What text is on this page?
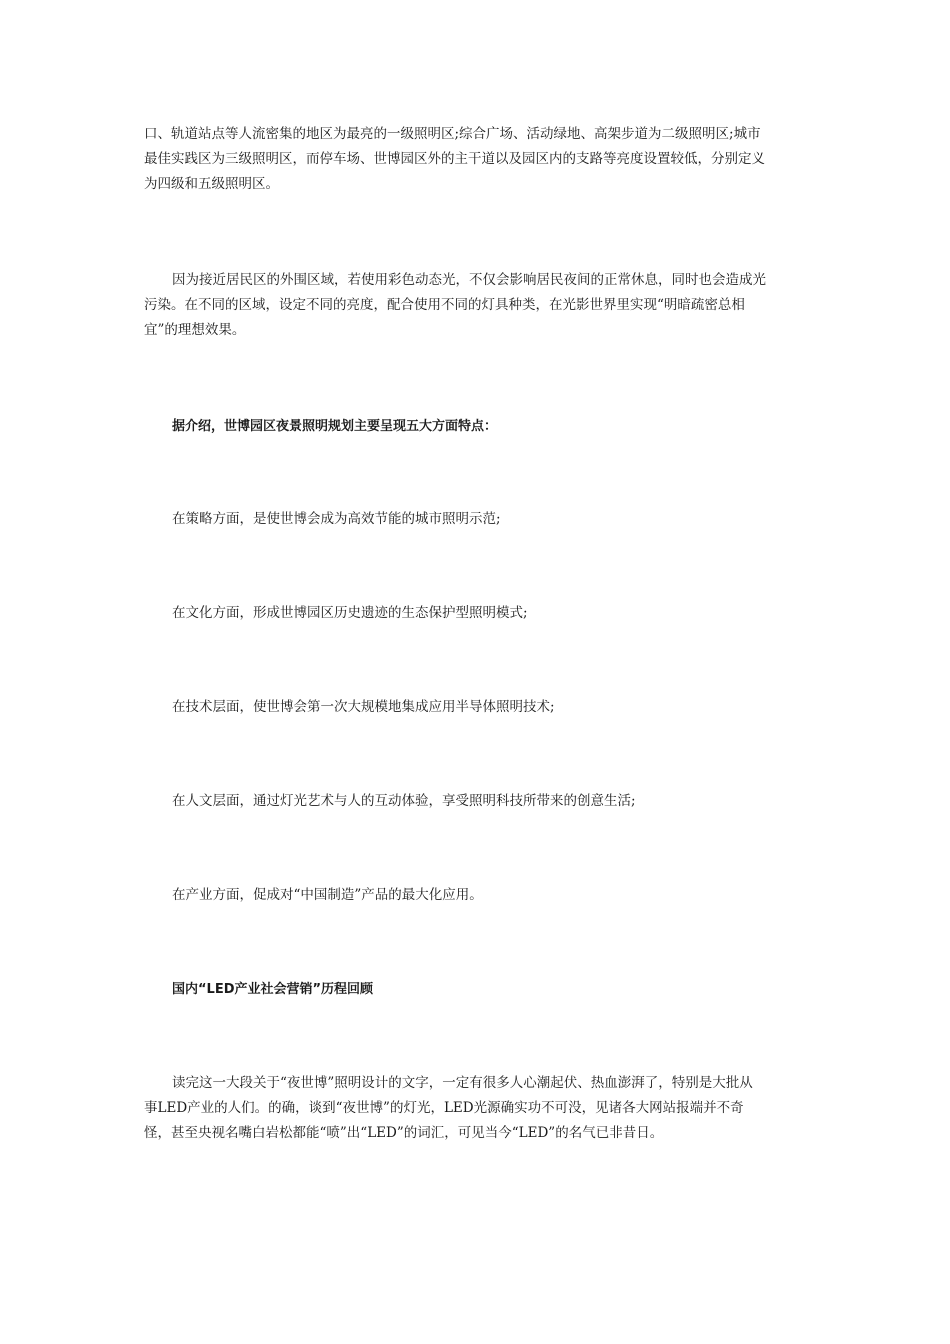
口、轨道站点等人流密集的地区为最亮的一级照明区;综合广场、活动绿地、高架步道为二级照明区;城市
最佳实践区为三级照明区，而停车场、世博园区外的主干道以及园区内的支路等亮度设置较低，分别定义
为四级和五级照明区。
因为接近居民区的外围区域，若使用彩色动态光，不仅会影响居民夜间的正常休息，同时也会造成光
污染。在不同的区域，设定不同的亮度，配合使用不同的灯具种类，在光影世界里实现“明暗疏密总相
宜”的理想效果。
据介绍，世博园区夜景照明规划主要呈现五大方面特点：
在策略方面，是使世博会成为高效节能的城市照明示范;
在文化方面，形成世博园区历史遗迹的生态保护型照明模式;
在技术层面，使世博会第一次大规模地集成应用半导体照明技术;
在人文层面，通过灯光艺术与人的互动体验，享受照明科技所带来的创意生活;
在产业方面，促成对“中国制造”产品的最大化应用。
国内“LED产业社会营销”历程回顾
读完这一大段关于“夜世博”照明设计的文字，一定有很多人心潮起伏、热血澎湃了，特别是大批从
事LED产业的人们。的确，谈到“夜世博”的灯光，LED光源确实功不可没，见诸各大网站报端并不奇
怪，甚至央视名嘴白岩松都能“喷”出“LED”的词汇，可见当今“LED”的名气已非昔日。
